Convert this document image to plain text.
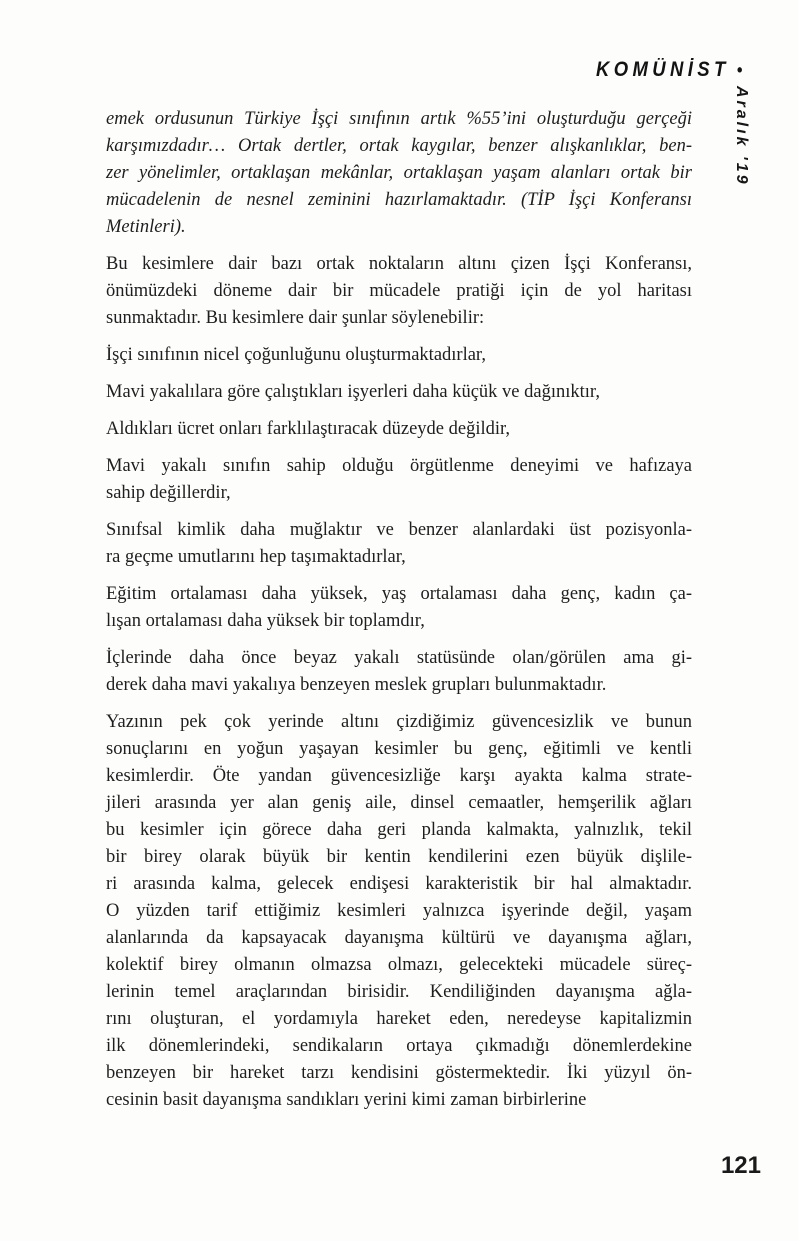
KOMÜNİST •
Aralık '19
emek ordusunun Türkiye İşçi sınıfının artık %55’ini oluşturduğu gerçeği
karşımızdadır… Ortak dertler, ortak kaygılar, benzer alışkanlıklar, ben-
zer yönelimler, ortaklaşan mekânlar, ortaklaşan yaşam alanları ortak bir
mücadelenin de nesnel zeminini hazırlamaktadır. (TİP İşçi Konferansı
Metinleri).
Bu kesimlere dair bazı ortak noktaların altını çizen İşçi Konferansı,
önümüzdeki döneme dair bir mücadele pratiği için de yol haritası
sunmaktadır. Bu kesimlere dair şunlar söylenebilir:
İşçi sınıfının nicel çoğunluğunu oluşturmaktadırlar,
Mavi yakalılara göre çalıştıkları işyerleri daha küçük ve dağınıktır,
Aldıkları ücret onları farklılaştıracak düzeyde değildir,
Mavi yakalı sınıfın sahip olduğu örgütlenme deneyimi ve hafızaya
sahip değillerdir,
Sınıfsal kimlik daha muğlaktır ve benzer alanlardaki üst pozisyonla-
ra geçme umutlarını hep taşımaktadırlar,
Eğitim ortalaması daha yüksek, yaş ortalaması daha genç, kadın ça-
lışan ortalaması daha yüksek bir toplamdır,
İçlerinde daha önce beyaz yakalı statüsünde olan/görülen ama gi-
derek daha mavi yakalıya benzeyen meslek grupları bulunmaktadır.
Yazının pek çok yerinde altını çizdiğimiz güvencesizlik ve bunun
sonuçlarını en yoğun yaşayan kesimler bu genç, eğitimli ve kentli
kesimlerdir. Öte yandan güvencesizliğe karşı ayakta kalma strate-
jileri arasında yer alan geniş aile, dinsel cemaatler, hemşerilik ağları
bu kesimler için görece daha geri planda kalmakta, yalnızlık, tekil
bir birey olarak büyük bir kentin kendilerini ezen büyük dişlile-
ri arasında kalma, gelecek endişesi karakteristik bir hal almaktadır.
O yüzden tarif ettiğimiz kesimleri yalnızca işyerinde değil, yaşam
alanlarında da kapsayacak dayanışma kültürü ve dayanışma ağları,
kolektif birey olmanın olmazsa olmazı, gelecekteki mücadele süreç-
lerinin temel araçlarından birisidir. Kendiliğinden dayanışma ağla-
rını oluşturan, el yordamıyla hareket eden, neredeyse kapitalizmin
ilk dönemlerindeki, sendikaların ortaya çıkmadığı dönemlerdekine
benzeyen bir hareket tarzı kendisini göstermektedir. İki yüzyıl ön-
cesinin basit dayanışma sandıkları yerini kimi zaman birbirlerine
121
